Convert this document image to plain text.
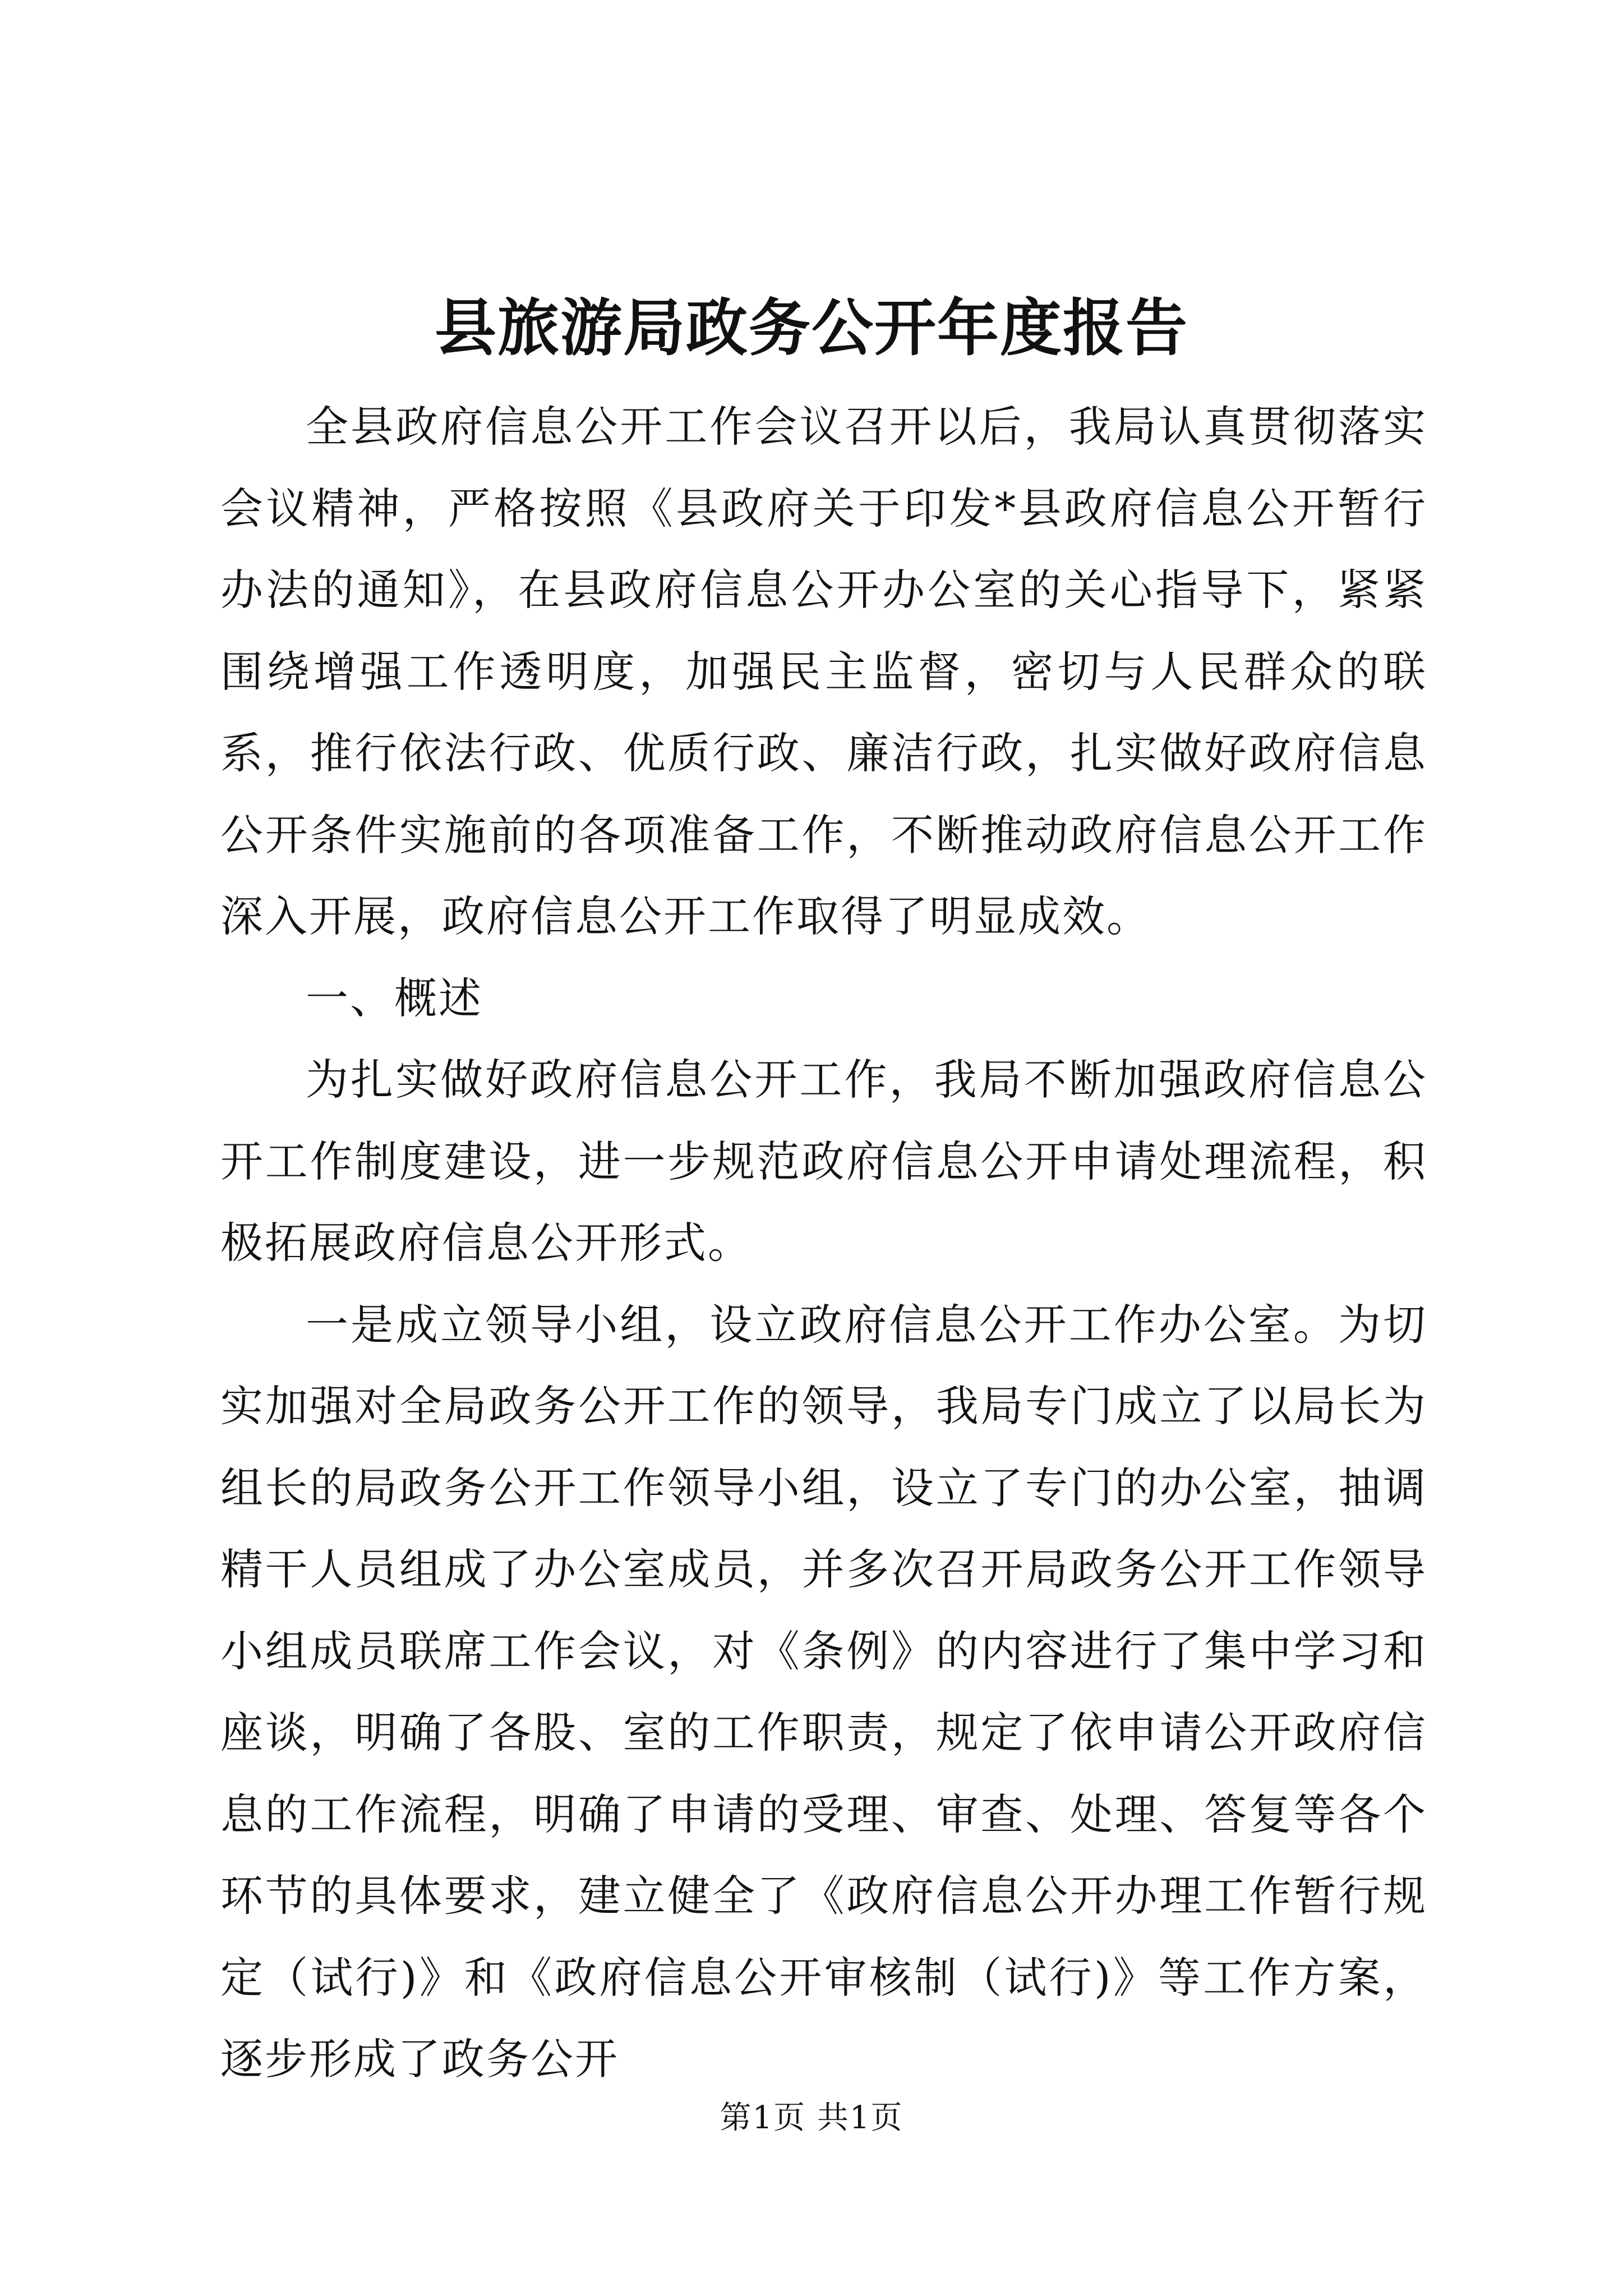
县旅游局政务公开年度报告

全县政府信息公开工作会议召开以后，我局认真贯彻落实会议精神，严格按照《县政府关于印发*县政府信息公开暂行办法的通知》，在县政府信息公开办公室的关心指导下，紧紧围绕增强工作透明度，加强民主监督，密切与人民群众的联系，推行依法行政、优质行政、廉洁行政，扎实做好政府信息公开条件实施前的各项准备工作，不断推动政府信息公开工作深入开展，政府信息公开工作取得了明显成效。

一、概述

为扎实做好政府信息公开工作，我局不断加强政府信息公开工作制度建设，进一步规范政府信息公开申请处理流程，积极拓展政府信息公开形式。

一是成立领导小组，设立政府信息公开工作办公室。为切实加强对全局政务公开工作的领导，我局专门成立了以局长为组长的局政务公开工作领导小组，设立了专门的办公室，抽调精干人员组成了办公室成员，并多次召开局政务公开工作领导小组成员联席工作会议，对《条例》的内容进行了集中学习和座谈，明确了各股、室的工作职责，规定了依申请公开政府信息的工作流程，明确了申请的受理、审查、处理、答复等各个环节的具体要求，建立健全了《政府信息公开办理工作暂行规定（试行)》和《政府信息公开审核制（试行)》等工作方案，逐步形成了政务公开

第1页 共1页
